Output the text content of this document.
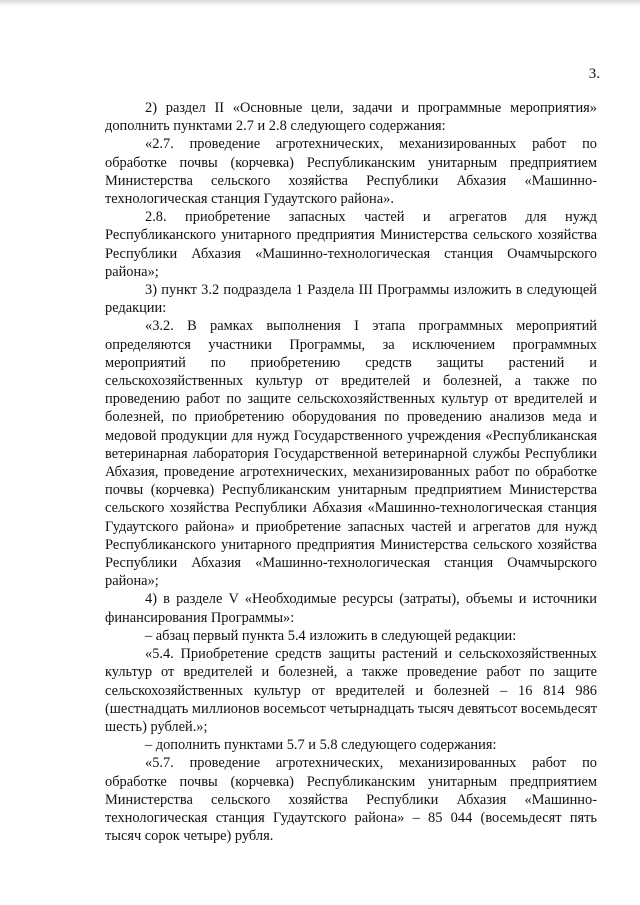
3.

2) раздел II «Основные цели, задачи и программные мероприятия» дополнить пунктами 2.7 и 2.8 следующего содержания:

«2.7. проведение агротехнических, механизированных работ по обработке почвы (корчевка) Республиканским унитарным предприятием Министерства сельского хозяйства Республики Абхазия «Машинно-технологическая станция Гудаутского района».

2.8. приобретение запасных частей и агрегатов для нужд Республиканского унитарного предприятия Министерства сельского хозяйства Республики Абхазия «Машинно-технологическая станция Очамчырского района»;

3) пункт 3.2 подраздела 1 Раздела III Программы изложить в следующей редакции:

«3.2. В рамках выполнения I этапа программных мероприятий определяются участники Программы, за исключением программных мероприятий по приобретению средств защиты растений и сельскохозяйственных культур от вредителей и болезней, а также по проведению работ по защите сельскохозяйственных культур от вредителей и болезней, по приобретению оборудования по проведению анализов меда и медовой продукции для нужд Государственного учреждения «Республиканская ветеринарная лаборатория Государственной ветеринарной службы Республики Абхазия, проведение агротехнических, механизированных работ по обработке почвы (корчевка) Республиканским унитарным предприятием Министерства сельского хозяйства Республики Абхазия «Машинно-технологическая станция Гудаутского района» и приобретение запасных частей и агрегатов для нужд Республиканского унитарного предприятия Министерства сельского хозяйства Республики Абхазия «Машинно-технологическая станция Очамчырского района»;

4) в разделе V «Необходимые ресурсы (затраты), объемы и источники финансирования Программы»:

– абзац первый пункта 5.4 изложить в следующей редакции:

«5.4. Приобретение средств защиты растений и сельскохозяйственных культур от вредителей и болезней, а также проведение работ по защите сельскохозяйственных культур от вредителей и болезней – 16 814 986 (шестнадцать миллионов восемьсот четырнадцать тысяч девятьсот восемьдесят шесть) рублей.»;

– дополнить пунктами 5.7 и 5.8 следующего содержания:

«5.7. проведение агротехнических, механизированных работ по обработке почвы (корчевка) Республиканским унитарным предприятием Министерства сельского хозяйства Республики Абхазия «Машинно-технологическая станция Гудаутского района» – 85 044 (восемьдесят пять тысяч сорок четыре) рубля.
